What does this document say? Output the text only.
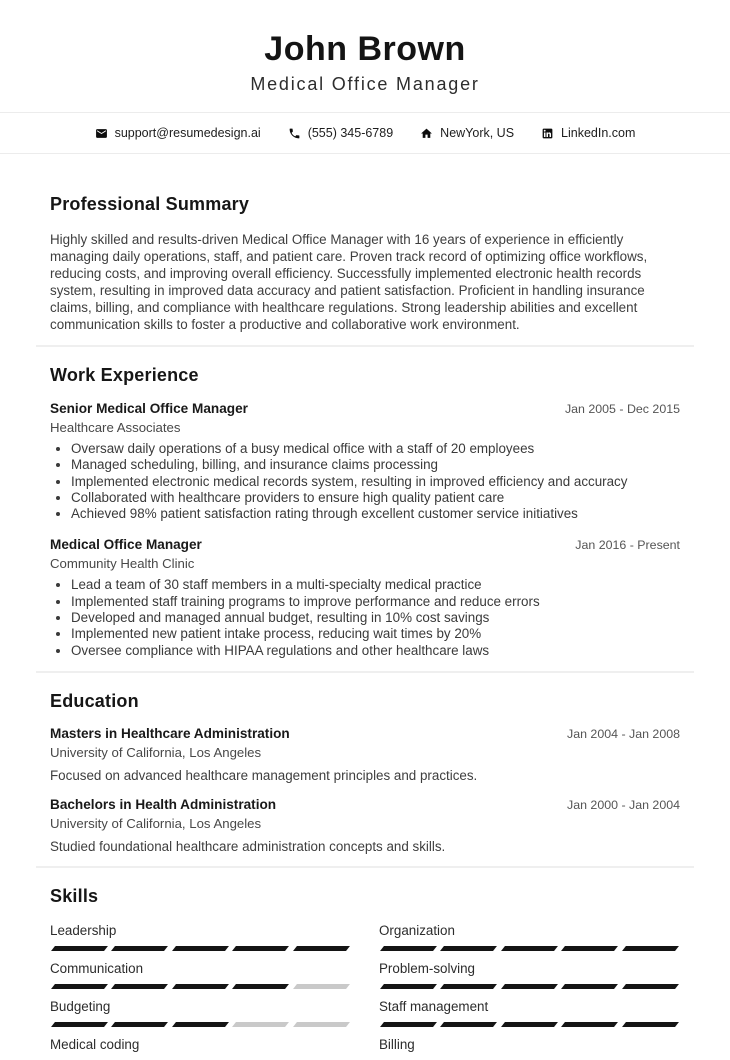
John Brown
Medical Office Manager
support@resumedesign.ai	(555) 345-6789	NewYork, US	LinkedIn.com
Professional Summary

Highly skilled and results-driven Medical Office Manager with 16 years of experience in efficiently managing daily operations, staff, and patient care. Proven track record of optimizing office workflows, reducing costs, and improving overall efficiency. Successfully implemented electronic health records system, resulting in improved data accuracy and patient satisfaction. Proficient in handling insurance claims, billing, and compliance with healthcare regulations. Strong leadership abilities and excellent communication skills to foster a productive and collaborative work environment.

Work Experience
Senior Medical Office Manager	Jan 2005 - Dec 2015
Healthcare Associates
• Oversaw daily operations of a busy medical office with a staff of 20 employees
• Managed scheduling, billing, and insurance claims processing
• Implemented electronic medical records system, resulting in improved efficiency and accuracy
• Collaborated with healthcare providers to ensure high quality patient care
• Achieved 98% patient satisfaction rating through excellent customer service initiatives
Medical Office Manager	Jan 2016 - Present
Community Health Clinic
• Lead a team of 30 staff members in a multi-specialty medical practice
• Implemented staff training programs to improve performance and reduce errors
• Developed and managed annual budget, resulting in 10% cost savings
• Implemented new patient intake process, reducing wait times by 20%
• Oversee compliance with HIPAA regulations and other healthcare laws
Education
Masters in Healthcare Administration	Jan 2004 - Jan 2008
University of California, Los Angeles
Focused on advanced healthcare management principles and practices.
Bachelors in Health Administration	Jan 2000 - Jan 2004
University of California, Los Angeles
Studied foundational healthcare administration concepts and skills.
Skills
Leadership	Organization
Communication	Problem-solving
Budgeting	Staff management
Medical coding	Billing
